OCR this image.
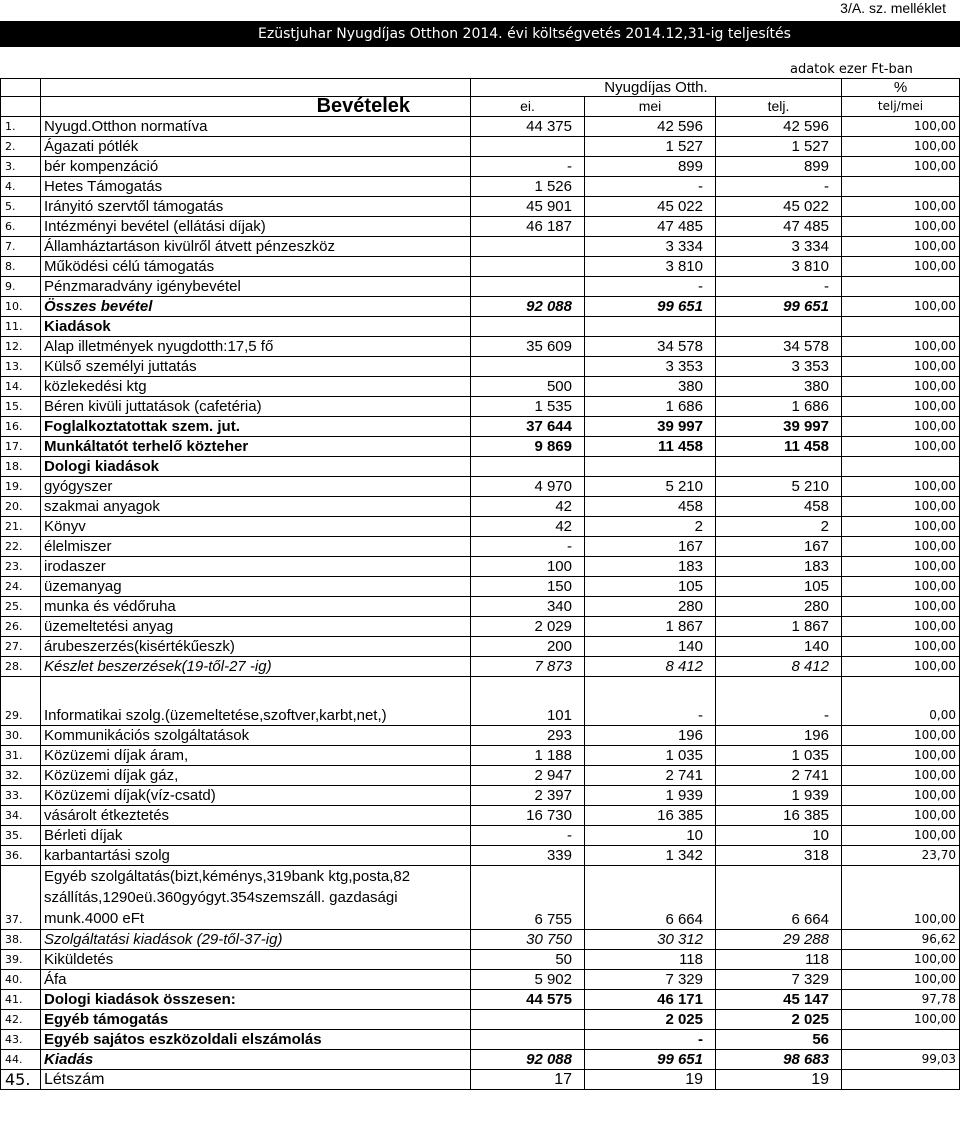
3/A. sz. melléklet
Ezüstjuhar Nyugdíjas Otthon 2014. évi költségvetés 2014.12,31-ig teljesítés
adatok ezer Ft-ban
		Nyugdíjas Otth.			%
	Bevételek	ei.	mei	telj.	telj/mei
1.	Nyugd.Otthon normatíva	44 375	42 596	42 596	100,00
2.	Ágazati pótlék		1 527	1 527	100,00
3.	bér kompenzáció	-	899	899	100,00
4.	Hetes Támogatás	1 526	-	-	
5.	Irányitó szervtől támogatás	45 901	45 022	45 022	100,00
6.	Intézményi bevétel (ellátási díjak)	46 187	47 485	47 485	100,00
7.	Államháztartáson kivülről átvett pénzeszköz		3 334	3 334	100,00
8.	Működési célú támogatás		3 810	3 810	100,00
9.	Pénzmaradvány igénybevétel		-	-	
10.	Összes bevétel	92 088	99 651	99 651	100,00
11.	Kiadások				
12.	Alap illetmények nyugdotth:17,5 fő	35 609	34 578	34 578	100,00
13.	Külső személyi juttatás		3 353	3 353	100,00
14.	közlekedési ktg	500	380	380	100,00
15.	Béren kivüli juttatások (cafetéria)	1 535	1 686	1 686	100,00
16.	Foglalkoztatottak szem. jut.	37 644	39 997	39 997	100,00
17.	Munkáltatót terhelő közteher	9 869	11 458	11 458	100,00
18.	Dologi kiadások				
19.	gyógyszer	4 970	5 210	5 210	100,00
20.	szakmai anyagok	42	458	458	100,00
21.	Könyv	42	2	2	100,00
22.	élelmiszer	-	167	167	100,00
23.	irodaszer	100	183	183	100,00
24.	üzemanyag	150	105	105	100,00
25.	munka és védőruha	340	280	280	100,00
26.	üzemeltetési anyag	2 029	1 867	1 867	100,00
27.	árubeszerzés(kisértékűeszk)	200	140	140	100,00
28.	Készlet beszerzések(19-től-27 -ig)	7 873	8 412	8 412	100,00
29.	Informatikai szolg.(üzemeltetése,szoftver,karbt,net,)	101	-	-	0,00
30.	Kommunikációs szolgáltatások	293	196	196	100,00
31.	Közüzemi díjak áram,	1 188	1 035	1 035	100,00
32.	Közüzemi díjak gáz,	2 947	2 741	2 741	100,00
33.	Közüzemi díjak(víz-csatd)	2 397	1 939	1 939	100,00
34.	vásárolt étkeztetés	16 730	16 385	16 385	100,00
35.	Bérleti díjak	-	10	10	100,00
36.	karbantartási szolg	339	1 342	318	23,70
37.	Egyéb szolgáltatás(bizt,kéménys,319bank ktg,posta,82 szállítás,1290eü.360gyógyt.354szemszáll. gazdasági munk.4000 eFt	6 755	6 664	6 664	100,00
38.	Szolgáltatási kiadások (29-től-37-ig)	30 750	30 312	29 288	96,62
39.	Kiküldetés	50	118	118	100,00
40.	Áfa	5 902	7 329	7 329	100,00
41.	Dologi kiadások összesen:	44 575	46 171	45 147	97,78
42.	Egyéb támogatás		2 025	2 025	100,00
43.	Egyéb sajátos eszközoldali elszámolás		-	56	
44.	Kiadás	92 088	99 651	98 683	99,03
45.	Létszám	17	19	19	
